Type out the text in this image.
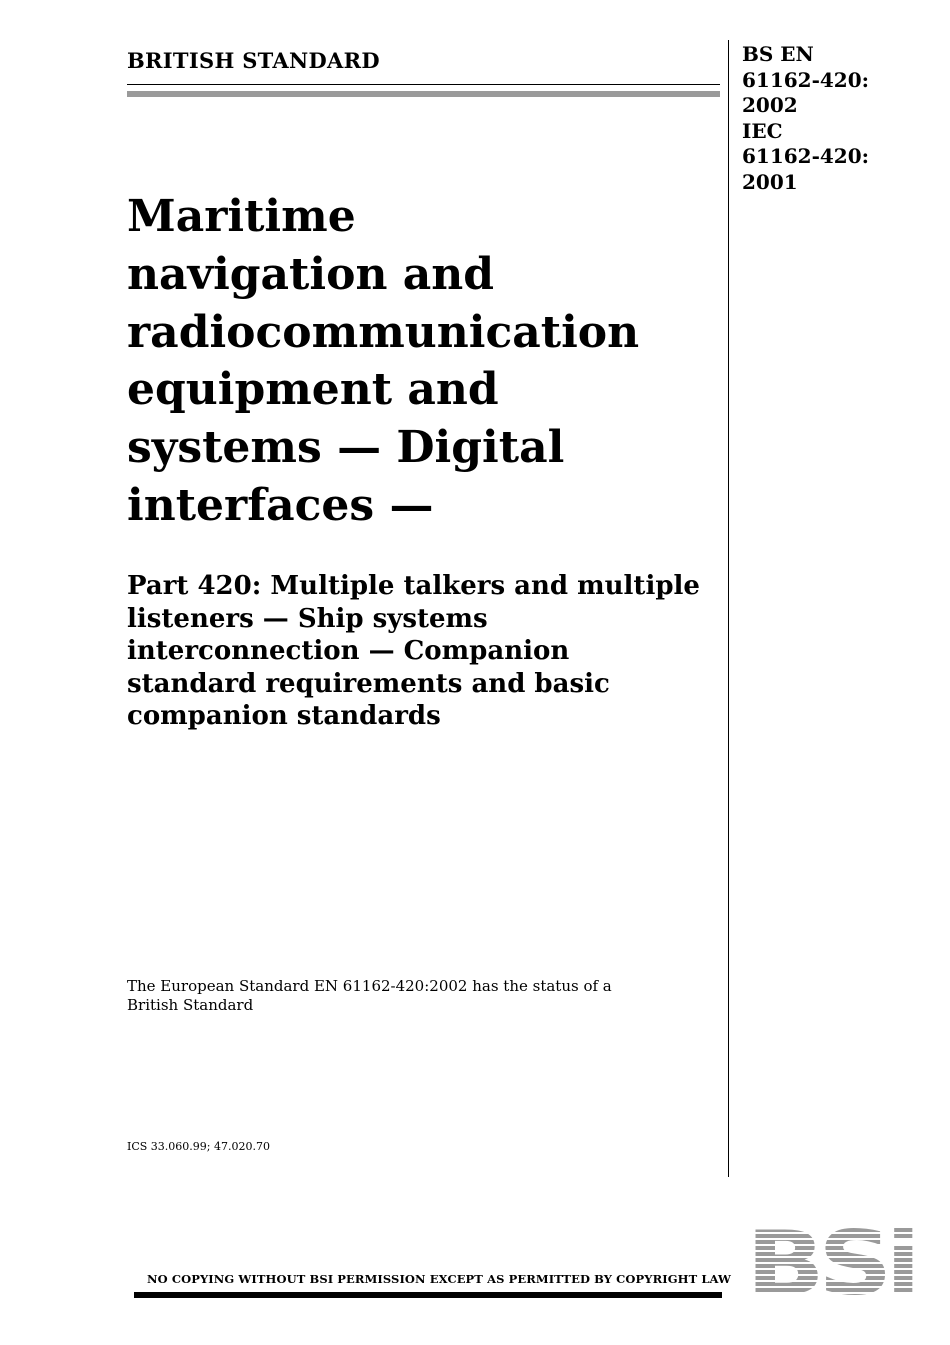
BRITISH STANDARD	BS EN
61162-420:
2002
IEC
61162-420:
2001
Maritime
navigation and
radiocommunication
equipment and
systems — Digital
interfaces —
Part 420: Multiple talkers and multiple
listeners — Ship systems
interconnection — Companion
standard requirements and basic
companion standards
The European Standard EN 61162-420:2002 has the status of a
British Standard
ICS 33.060.99; 47.020.70
NO COPYING WITHOUT BSI PERMISSION EXCEPT AS PERMITTED BY COPYRIGHT LAW BSi
